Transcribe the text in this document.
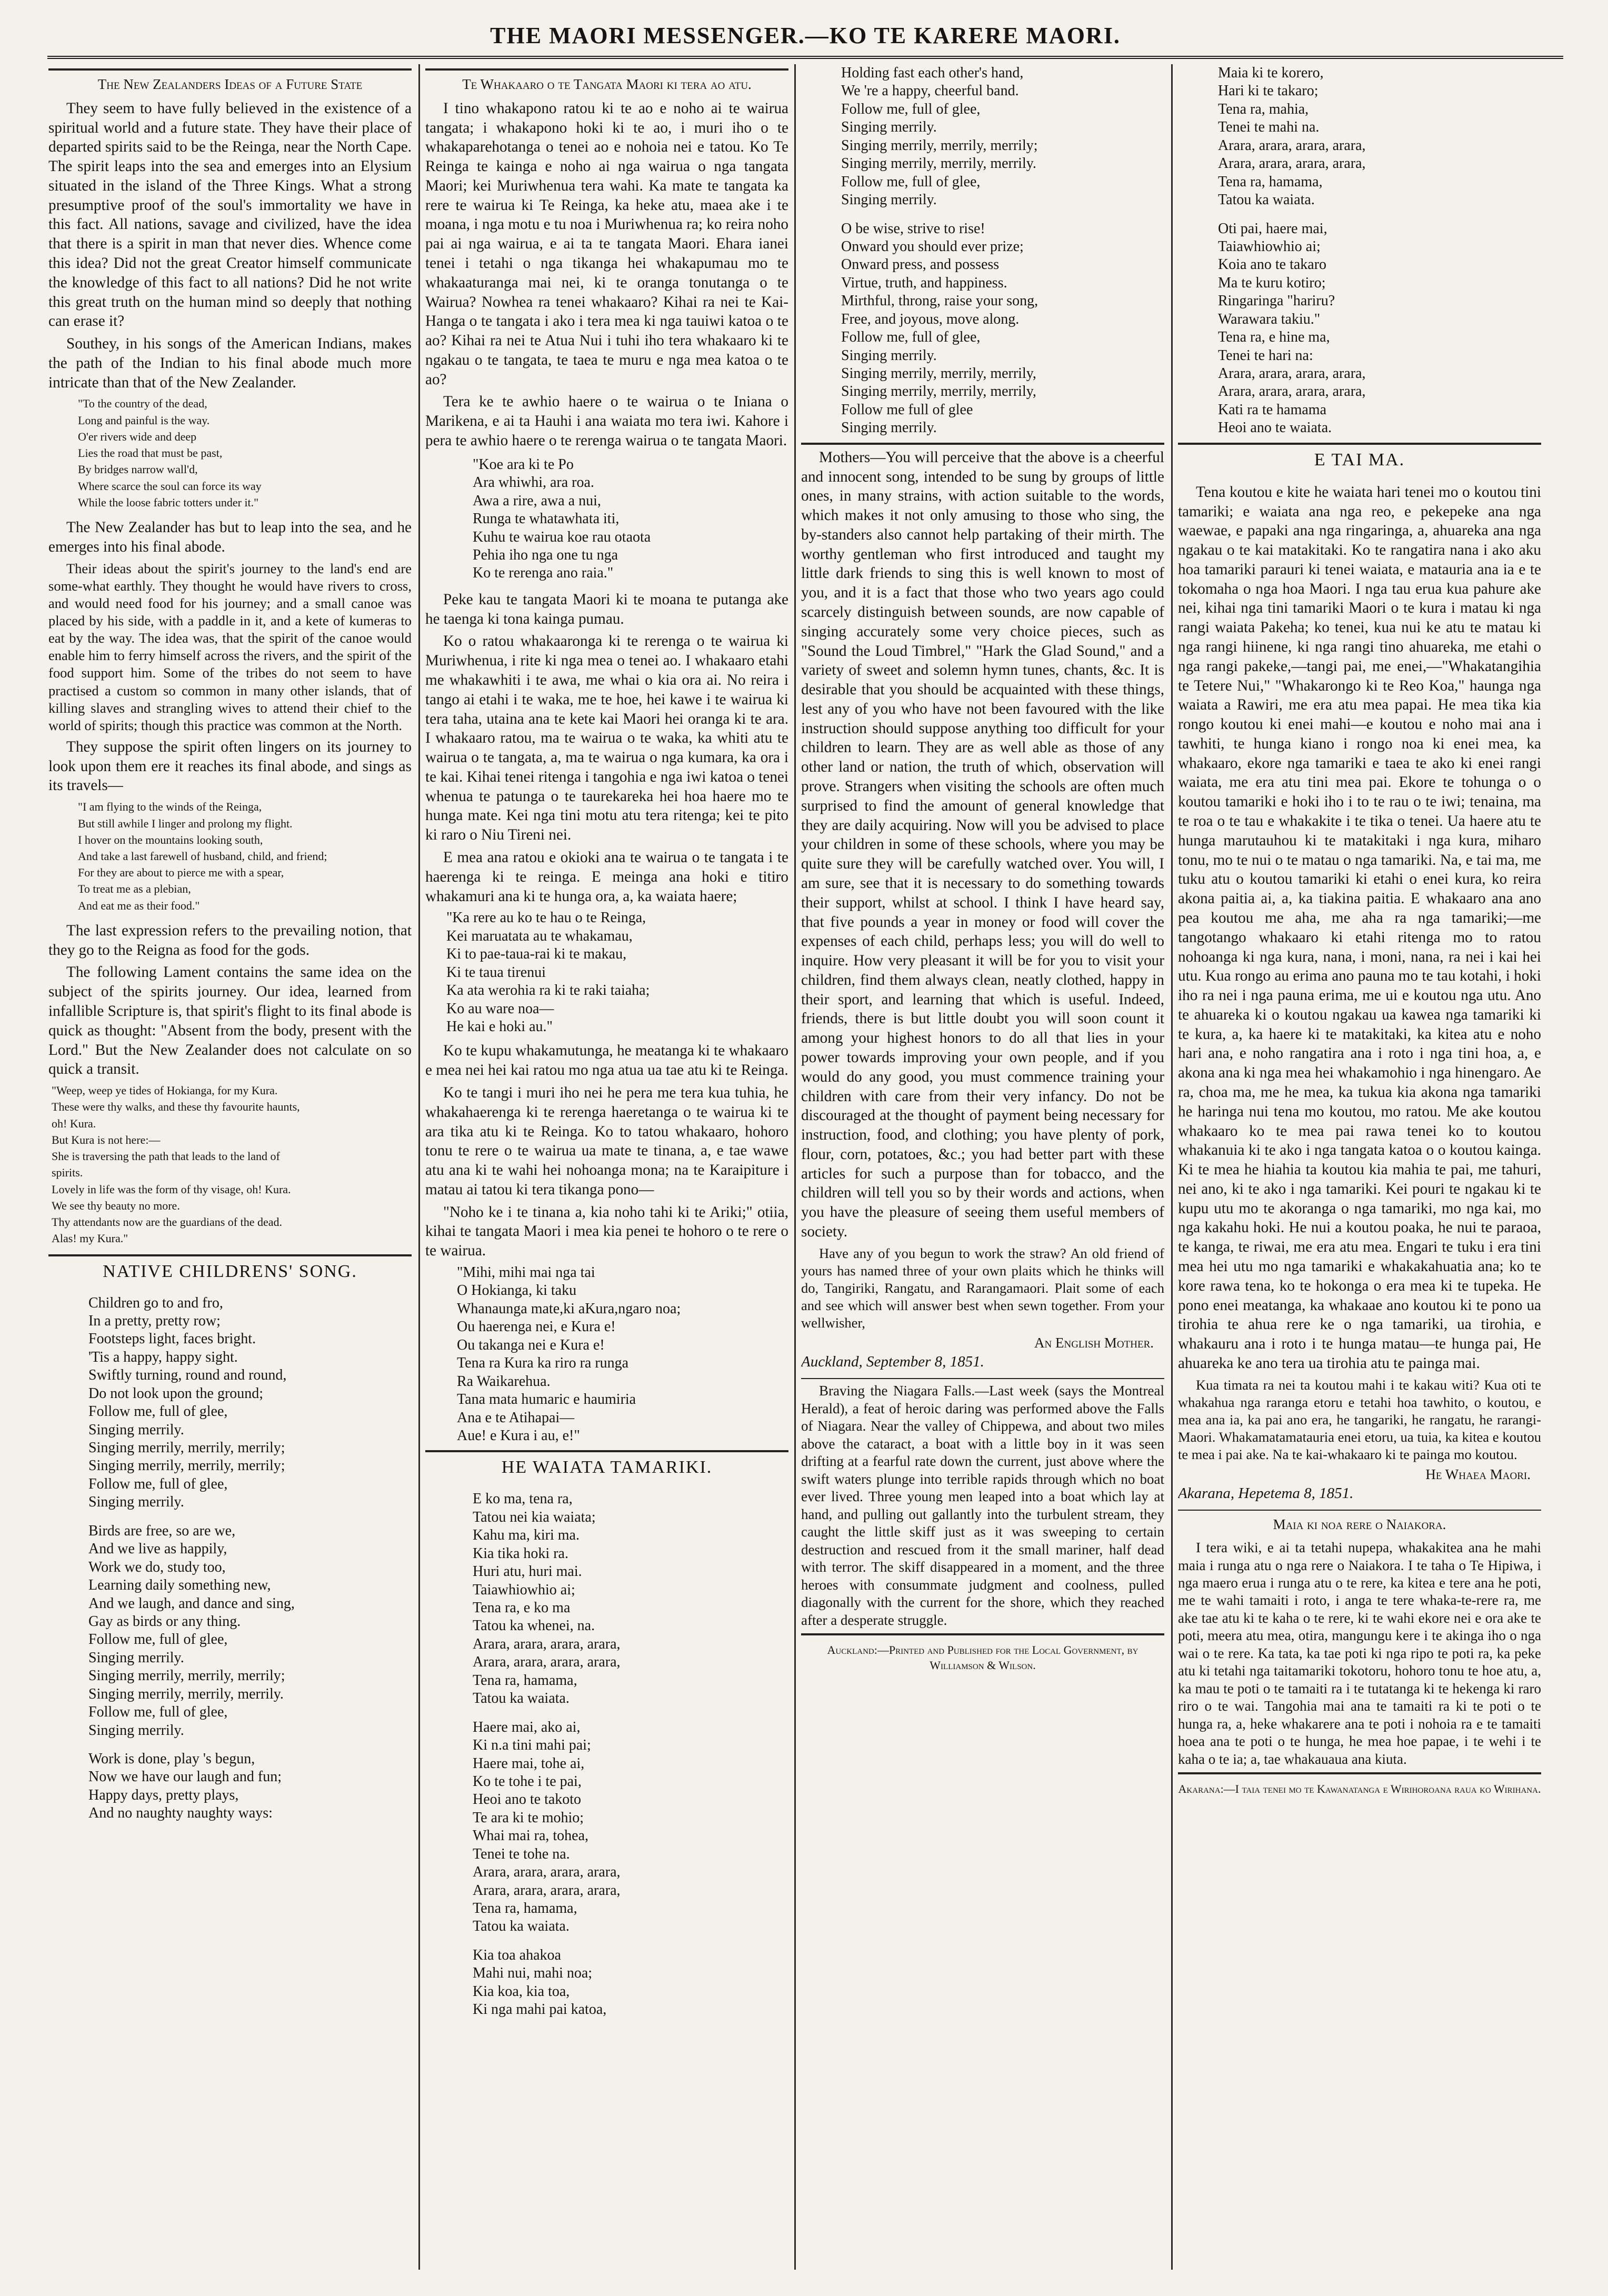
THE MAORI MESSENGER.—KO TE KARERE MAORI.
The New Zealanders Ideas of a Future State

They seem to have fully believed in the existence of a spiritual world and a future state. They have their place of departed spirits said to be the Reinga, near the North Cape. The spirit leaps into the sea and emerges into an Elysium situated in the island of the Three Kings. What a strong presumptive proof of the soul's immortality we have in this fact. All nations, savage and civilized, have the idea that there is a spirit in man that never dies. Whence come this idea? Did not the great Creator himself communicate the knowledge of this fact to all nations? Did he not write this great truth on the human mind so deeply that nothing can erase it?

Southey, in his songs of the American Indians, makes the path of the Indian to his final abode much more intricate than that of the New Zealander.

"To the country of the dead,
Long and painful is the way.
O'er rivers wide and deep
Lies the road that must be past,
By bridges narrow wall'd,
Where scarce the soul can force its way
While the loose fabric totters under it."

The New Zealander has but to leap into the sea, and he emerges into his final abode.

Their ideas about the spirit's journey to the land's end are some-what earthly. They thought he would have rivers to cross, and would need food for his journey; and a small canoe was placed by his side, with a paddle in it, and a kete of kumeras to eat by the way. The idea was, that the spirit of the canoe would enable him to ferry himself across the rivers, and the spirit of the food support him. Some of the tribes do not seem to have practised a custom so common in many other islands, that of killing slaves and strangling wives to attend their chief to the world of spirits; though this practice was common at the North.

They suppose the spirit often lingers on its journey to look upon them ere it reaches its final abode, and sings as its travels—

"I am flying to the winds of the Reinga,
But still awhile I linger and prolong my flight.
I hover on the mountains looking south,
And take a last farewell of husband, child, and friend;
For they are about to pierce me with a spear,
To treat me as a plebian,
And eat me as their food."

The last expression refers to the prevailing notion, that they go to the Reigna as food for the gods.

The following Lament contains the same idea on the subject of the spirits journey. Our idea, learned from infallible Scripture is, that spirit's flight to its final abode is quick as thought: "Absent from the body, present with the Lord." But the New Zealander does not calculate on so quick a transit.

"Weep, weep ye tides of Hokianga, for my Kura.
These were thy walks, and these thy favourite haunts,
oh! Kura.
But Kura is not here:—
She is traversing the path that leads to the land of
spirits.
Lovely in life was the form of thy visage, oh! Kura.
We see thy beauty no more.
Thy attendants now are the guardians of the dead.
Alas! my Kura."
NATIVE CHILDRENS' SONG.
Children go to and fro,
In a pretty, pretty row;
Footsteps light, faces bright.
'Tis a happy, happy sight.
Swiftly turning, round and round,
Do not look upon the ground;
Follow me, full of glee,
Singing merrily.
Singing merrily, merrily, merrily;
Singing merrily, merrily, merrily;
Follow me, full of glee,
Singing merrily.
Birds are free, so are we,
And we live as happily,
Work we do, study too,
Learning daily something new,
And we laugh, and dance and sing,
Gay as birds or any thing.
Follow me, full of glee,
Singing merrily.
Singing merrily, merrily, merrily;
Singing merrily, merrily, merrily.
Follow me, full of glee,
Singing merrily.
Work is done, play 's begun,
Now we have our laugh and fun;
Happy days, pretty plays,
And no naughty naughty ways:
Te Whakaaro o te Tangata Maori ki tera ao atu.

I tino whakapono ratou ki te ao e noho ai te wairua tangata; i whakapono hoki ki te ao, i muri iho o te whakaparehotanga o tenei ao e nohoia nei e tatou. Ko Te Reinga te kainga e noho ai nga wairua o nga tangata Maori; kei Muriwhenua tera wahi. Ka mate te tangata ka rere te wairua ki Te Reinga, ka heke atu, maea ake i te moana, i nga motu e tu noa i Muriwhenua ra; ko reira noho pai ai nga wairua, e ai ta te tangata Maori. Ehara ianei tenei i tetahi o nga tikanga hei whakapumau mo te whakaaturanga mai nei, ki te oranga tonutanga o te Wairua? Nowhea ra tenei whakaaro? Kihai ra nei te Kai-Hanga o te tangata i ako i tera mea ki nga tauiwi katoa o te ao? Kihai ra nei te Atua Nui i tuhi iho tera whakaaro ki te ngakau o te tangata, te taea te muru e nga mea katoa o te ao?

Tera ke te awhio haere o te wairua o te Iniana o Marikena, e ai ta Hauhi i ana waiata mo tera iwi. Kahore i pera te awhio haere o te rerenga wairua o te tangata Maori.

"Koe ara ki te Po
Ara whiwhi, ara roa.
Awa a rire, awa a nui,
Runga te whatawhata iti,
Kuhu te wairua koe rau otaota
Pehia iho nga one tu nga
Ko te rerenga ano raia."

Peke kau te tangata Maori ki te moana te putanga ake he taenga ki tona kainga pumau.

Ko o ratou whakaaronga ki te rerenga o te wairua ki Muriwhenua, i rite ki nga mea o tenei ao. I whakaaro etahi me whakawhiti i te awa, me whai o kia ora ai. No reira i tango ai etahi i te waka, me te hoe, hei kawe i te wairua ki tera taha, utaina ana te kete kai Maori hei oranga ki te ara. I whakaaro ratou, ma te wairua o te waka, ka whiti atu te wairua o te tangata, a, ma te wairua o nga kumara, ka ora i te kai. Kihai tenei ritenga i tangohia e nga iwi katoa o tenei whenua te patunga o te taurekareka hei hoa haere mo te hunga mate. Kei nga tini motu atu tera ritenga; kei te pito ki raro o Niu Tireni nei.

E mea ana ratou e okioki ana te wairua o te tangata i te haerenga ki te reinga. E meinga ana hoki e titiro whakamuri ana ki te hunga ora, a, ka waiata haere;

"Ka rere au ko te hau o te Reinga,
Kei maruatata au te whakamau,
Ki to pae-taua-rai ki te makau,
Ki te taua tirenui
Ka ata werohia ra ki te raki taiaha;
Ko au ware noa—
He kai e hoki au."

Ko te kupu whakamutunga, he meatanga ki te whakaaro e mea nei hei kai ratou mo nga atua ua tae atu ki te Reinga.

Ko te tangi i muri iho nei he pera me tera kua tuhia, he whakahaerenga ki te rerenga haeretanga o te wairua ki te ara tika atu ki te Reinga. Ko to tatou whakaaro, hohoro tonu te rere o te wairua ua mate te tinana, a, e tae wawe atu ana ki te wahi hei nohoanga mona; na te Karaipiture i matau ai tatou ki tera tikanga pono—

"Noho ke i te tinana a, kia noho tahi ki te Ariki;" otiia, kihai te tangata Maori i mea kia penei te hohoro o te rere o te wairua.

"Mihi, mihi mai nga tai
O Hokianga, ki taku
Whanaunga mate,ki aKura,ngaro noa;
Ou haerenga nei, e Kura e!
Ou takanga nei e Kura e!
Tena ra Kura ka riro ra runga
Ra Waikarehua.
Tana mata humaric e haumiria
Ana e te Atihapai—
Aue! e Kura i au, e!"
HE WAIATA TAMARIKI.
E ko ma, tena ra,
Tatou nei kia waiata;
Kahu ma, kiri ma.
Kia tika hoki ra.
Huri atu, huri mai.
Taiawhiowhio ai;
Tena ra, e ko ma
Tatou ka whenei, na.
Arara, arara, arara, arara,
Arara, arara, arara, arara,
Tena ra, hamama,
Tatou ka waiata.
Haere mai, ako ai,
Ki n.a tini mahi pai;
Haere mai, tohe ai,
Ko te tohe i te pai,
Heoi ano te takoto
Te ara ki te mohio;
Whai mai ra, tohea,
Tenei te tohe na.
Arara, arara, arara, arara,
Arara, arara, arara, arara,
Tena ra, hamama,
Tatou ka waiata.
Kia toa ahakoa
Mahi nui, mahi noa;
Kia koa, kia toa,
Ki nga mahi pai katoa,
Holding fast each other's hand,
We 're a happy, cheerful band.
Follow me, full of glee,
Singing merrily.
Singing merrily, merrily, merrily;
Singing merrily, merrily, merrily.
Follow me, full of glee,
Singing merrily.
O be wise, strive to rise!
Onward you should ever prize;
Onward press, and possess
Virtue, truth, and happiness.
Mirthful, throng, raise your song,
Free, and joyous, move along.
Follow me, full of glee,
Singing merrily.
Singing merrily, merrily, merrily,
Singing merrily, merrily, merrily,
Follow me full of glee
Singing merrily.

Mothers—You will perceive that the above is a cheerful and innocent song, intended to be sung by groups of little ones, in many strains, with action suitable to the words, which makes it not only amusing to those who sing, the by-standers also cannot help partaking of their mirth. The worthy gentleman who first introduced and taught my little dark friends to sing this is well known to most of you, and it is a fact that those who two years ago could scarcely distinguish between sounds, are now capable of singing accurately some very choice pieces, such as "Sound the Loud Timbrel," "Hark the Glad Sound," and a variety of sweet and solemn hymn tunes, chants, &c. It is desirable that you should be acquainted with these things, lest any of you who have not been favoured with the like instruction should suppose anything too difficult for your children to learn. They are as well able as those of any other land or nation, the truth of which, observation will prove. Strangers when visiting the schools are often much surprised to find the amount of general knowledge that they are daily acquiring. Now will you be advised to place your children in some of these schools, where you may be quite sure they will be carefully watched over. You will, I am sure, see that it is necessary to do something towards their support, whilst at school. I think I have heard say, that five pounds a year in money or food will cover the expenses of each child, perhaps less; you will do well to inquire. How very pleasant it will be for you to visit your children, find them always clean, neatly clothed, happy in their sport, and learning that which is useful. Indeed, friends, there is but little doubt you will soon count it among your highest honors to do all that lies in your power towards improving your own people, and if you would do any good, you must commence training your children with care from their very infancy. Do not be discouraged at the thought of payment being necessary for instruction, food, and clothing; you have plenty of pork, flour, corn, potatoes, &c.; you had better part with these articles for such a purpose than for tobacco, and the children will tell you so by their words and actions, when you have the pleasure of seeing them useful members of society.

Have any of you begun to work the straw? An old friend of yours has named three of your own plaits which he thinks will do, Tangiriki, Rangatu, and Rarangamaori. Plait some of each and see which will answer best when sewn together. From your wellwisher,

An English Mother.
Auckland, September 8, 1851.

Braving the Niagara Falls.—Last week (says the Montreal Herald), a feat of heroic daring was performed above the Falls of Niagara. Near the valley of Chippewa, and about two miles above the cataract, a boat with a little boy in it was seen drifting at a fearful rate down the current, just above where the swift waters plunge into terrible rapids through which no boat ever lived. Three young men leaped into a boat which lay at hand, and pulling out gallantly into the turbulent stream, they caught the little skiff just as it was sweeping to certain destruction and rescued from it the small mariner, half dead with terror. The skiff disappeared in a moment, and the three heroes with consummate judgment and coolness, pulled diagonally with the current for the shore, which they reached after a desperate struggle.

Auckland:—Printed and Published for the Local Government, by Williamson & Wilson.
Maia ki te korero,
Hari ki te takaro;
Tena ra, mahia,
Tenei te mahi na.
Arara, arara, arara, arara,
Arara, arara, arara, arara,
Tena ra, hamama,
Tatou ka waiata.
Oti pai, haere mai,
Taiawhiowhio ai;
Koia ano te takaro
Ma te kuru kotiro;
Ringaringa "hariru?
Warawara takiu."
Tena ra, e hine ma,
Tenei te hari na:
Arara, arara, arara, arara,
Arara, arara, arara, arara,
Kati ra te hamama
Heoi ano te waiata.
E TAI MA.

Tena koutou e kite he waiata hari tenei mo o koutou tini tamariki; e waiata ana nga reo, e pekepeke ana nga waewae, e papaki ana nga ringaringa, a, ahuareka ana nga ngakau o te kai matakitaki. Ko te rangatira nana i ako aku hoa tamariki parauri ki tenei waiata, e matauria ana ia e te tokomaha o nga hoa Maori. I nga tau erua kua pahure ake nei, kihai nga tini tamariki Maori o te kura i matau ki nga rangi waiata Pakeha; ko tenei, kua nui ke atu te matau ki nga rangi hiinene, ki nga rangi tino ahuareka, me etahi o nga rangi pakeke,—tangi pai, me enei,—"Whakatangihia te Tetere Nui," "Whakarongo ki te Reo Koa," haunga nga waiata a Rawiri, me era atu mea papai. He mea tika kia rongo koutou ki enei mahi—e koutou e noho mai ana i tawhiti, te hunga kiano i rongo noa ki enei mea, ka whakaaro, ekore nga tamariki e taea te ako ki enei rangi waiata, me era atu tini mea pai. Ekore te tohunga o o koutou tamariki e hoki iho i to te rau o te iwi; tenaina, ma te roa o te tau e whakakite i te tika o tenei. Ua haere atu te hunga marutauhou ki te matakitaki i nga kura, miharo tonu, mo te nui o te matau o nga tamariki. Na, e tai ma, me tuku atu o koutou tamariki ki etahi o enei kura, ko reira akona paitia ai, a, ka tiakina paitia. E whakaaro ana ano pea koutou me aha, me aha ra nga tamariki;—me tangotango whakaaro ki etahi ritenga mo to ratou nohoanga ki nga kura, nana, i moni, nana, ra nei i kai hei utu. Kua rongo au erima ano pauna mo te tau kotahi, i hoki iho ra nei i nga pauna erima, me ui e koutou nga utu. Ano te ahuareka ki o koutou ngakau ua kawea nga tamariki ki te kura, a, ka haere ki te matakitaki, ka kitea atu e noho hari ana, e noho rangatira ana i roto i nga tini hoa, a, e akona ana ki nga mea hei whakamohio i nga hinengaro. Ae ra, choa ma, me he mea, ka tukua kia akona nga tamariki he haringa nui tena mo koutou, mo ratou. Me ake koutou whakaaro ko te mea pai rawa tenei ko to koutou whakanuia ki te ako i nga tangata katoa o o koutou kainga. Ki te mea he hiahia ta koutou kia mahia te pai, me tahuri, nei ano, ki te ako i nga tamariki. Kei pouri te ngakau ki te kupu utu mo te akoranga o nga tamariki, mo nga kai, mo nga kakahu hoki. He nui a koutou poaka, he nui te paraoa, te kanga, te riwai, me era atu mea. Engari te tuku i era tini mea hei utu mo nga tamariki e whakakahuatia ana; ko te kore rawa tena, ko te hokonga o era mea ki te tupeka. He pono enei meatanga, ka whakaae ano koutou ki te pono ua tirohia te ahua rere ke o nga tamariki, ua tirohia, e whakauru ana i roto i te hunga matau—te hunga pai, He ahuareka ke ano tera ua tirohia atu te painga mai.

Kua timata ra nei ta koutou mahi i te kakau witi? Kua oti te whakahua nga raranga etoru e tetahi hoa tawhito, o koutou, e mea ana ia, ka pai ano era, he tangariki, he rangatu, he rarangi-Maori. Whakamatamatauria enei etoru, ua tuia, ka kitea e koutou te mea i pai ake. Na te kai-whakaaro ki te painga mo koutou.

He Whaea Maori.
Akarana, Hepetema 8, 1851.
Maia ki noa rere o Naiakora.

I tera wiki, e ai ta tetahi nupepa, whakakitea ana he mahi maia i runga atu o nga rere o Naiakora. I te taha o Te Hipiwa, i nga maero erua i runga atu o te rere, ka kitea e tere ana he poti, me te wahi tamaiti i roto, i anga te tere whaka-te-rere ra, me ake tae atu ki te kaha o te rere, ki te wahi ekore nei e ora ake te poti, meera atu mea, otira, mangungu kere i te akinga iho o nga wai o te rere. Ka tata, ka tae poti ki nga ripo te poti ra, ka peke atu ki tetahi nga taitamariki tokotoru, hohoro tonu te hoe atu, a, ka mau te poti o te tamaiti ra i te tutatanga ki te hekenga ki raro riro o te wai. Tangohia mai ana te tamaiti ra ki te poti o te hunga ra, a, heke whakarere ana te poti i nohoia ra e te tamaiti hoea ana te poti o te hunga, he mea hoe papae, i te wehi i te kaha o te ia; a, tae whakauaua ana kiuta.

Akarana:—I taia tenei mo te Kawanatanga e Wirihoroana raua ko Wirihana.
